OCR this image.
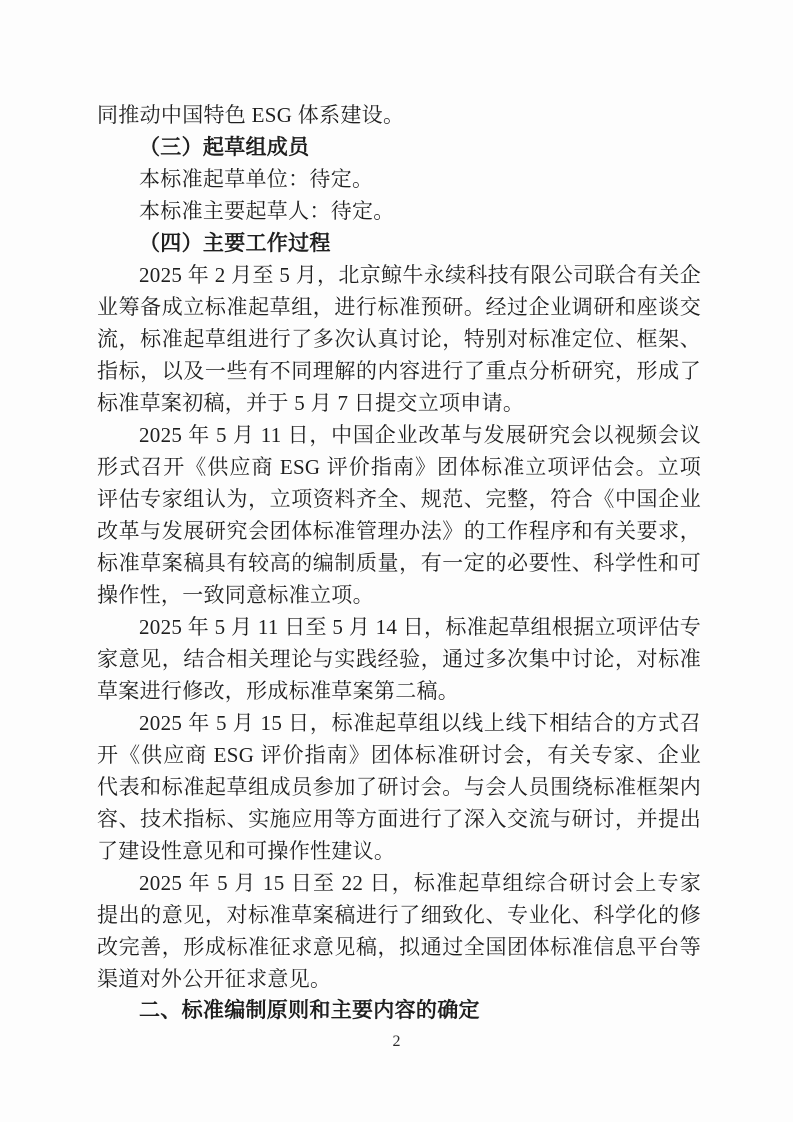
同推动中国特色 ESG 体系建设。

（三）起草组成员

本标准起草单位：待定。

本标准主要起草人：待定。

（四）主要工作过程

2025 年 2 月至 5 月，北京鲸牛永续科技有限公司联合有关企业筹备成立标准起草组，进行标准预研。经过企业调研和座谈交流，标准起草组进行了多次认真讨论，特别对标准定位、框架、指标，以及一些有不同理解的内容进行了重点分析研究，形成了标准草案初稿，并于 5 月 7 日提交立项申请。

2025 年 5 月 11 日，中国企业改革与发展研究会以视频会议形式召开《供应商 ESG 评价指南》团体标准立项评估会。立项评估专家组认为，立项资料齐全、规范、完整，符合《中国企业改革与发展研究会团体标准管理办法》的工作程序和有关要求，标准草案稿具有较高的编制质量，有一定的必要性、科学性和可操作性，一致同意标准立项。

2025 年 5 月 11 日至 5 月 14 日，标准起草组根据立项评估专家意见，结合相关理论与实践经验，通过多次集中讨论，对标准草案进行修改，形成标准草案第二稿。

2025 年 5 月 15 日，标准起草组以线上线下相结合的方式召开《供应商 ESG 评价指南》团体标准研讨会，有关专家、企业代表和标准起草组成员参加了研讨会。与会人员围绕标准框架内容、技术指标、实施应用等方面进行了深入交流与研讨，并提出了建设性意见和可操作性建议。

2025 年 5 月 15 日至 22 日，标准起草组综合研讨会上专家提出的意见，对标准草案稿进行了细致化、专业化、科学化的修改完善，形成标准征求意见稿，拟通过全国团体标准信息平台等渠道对外公开征求意见。

二、标准编制原则和主要内容的确定

2
